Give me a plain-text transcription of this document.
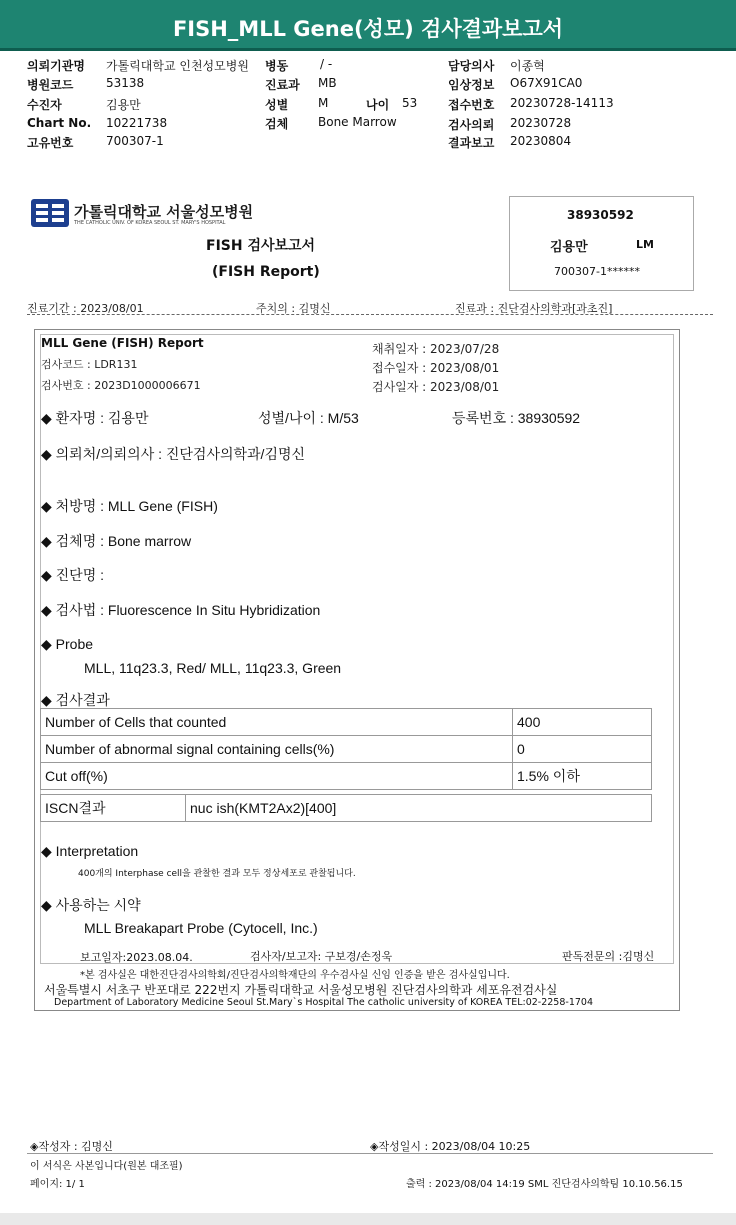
FISH_MLL Gene(성모) 검사결과보고서
의뢰기관명 가톨릭대학교 인천성모병원
병원코드	53138
수진자	김용만
Chart No. 10221738
고유번호	700307-1
병동	/ -
진료과 MB
성별 M	나이 53
검체 Bone Marrow
담당의사 이종혁
임상정보 O67X91CA0
접수번호 20230728-14113
검사의뢰 20230728
결과보고 20230804
가톨릭대학교 서울성모병원
THE CATHOLIC UNIV. OF KOREA SEOUL ST. MARY'S HOSPITAL
FISH 검사보고서
(FISH Report)
38930592
김용만	LM
700307-1******
진료기간 : 2023/08/01	주치의 : 김명신	진료과 : 진단검사의학과[과초진]
MLL Gene (FISH) Report
검사코드 : LDR131
검사번호 : 2023D1000006671
채취일자 : 2023/07/28
접수일자 : 2023/08/01
검사일자 : 2023/08/01
◆ 환자명 : 김용만	성별/나이 : M/53	등록번호 : 38930592
◆ 의뢰처/의뢰의사 : 진단검사의학과/김명신
◆ 처방명 : MLL Gene (FISH)
◆ 검체명 : Bone marrow
◆ 진단명 :
◆ 검사법 : Fluorescence In Situ Hybridization
◆ Probe
MLL, 11q23.3, Red/ MLL, 11q23.3, Green
◆ 검사결과
Number of Cells that counted	400
Number of abnormal signal containing cells(%)	0
Cut off(%)	1.5% 이하
ISCN결과	nuc ish(KMT2Ax2)[400]
◆ Interpretation
400개의 Interphase cell을 관찰한 결과 모두 정상세포로 관찰됩니다.
◆ 사용하는 시약
MLL Breakapart Probe (Cytocell, Inc.)
보고일자:2023.08.04.	검사자/보고자: 구보경/손정욱	판독전문의 :김명신
*본 검사실은 대한진단검사의학회/진단검사의학재단의 우수검사실 신임 인증을 받은 검사실입니다.
서울특별시 서초구 반포대로 222번지 가톨릭대학교 서울성모병원 진단검사의학과 세포유전검사실
Department of Laboratory Medicine Seoul St.Mary`s Hospital The catholic university of KOREA TEL:02-2258-1704
◈작성자 : 김명신	◈작성일시 : 2023/08/04 10:25
이 서식은 사본입니다(원본 대조필)
페이지: 1/ 1	출력 : 2023/08/04 14:19 SML 진단검사의학팀 10.10.56.15
